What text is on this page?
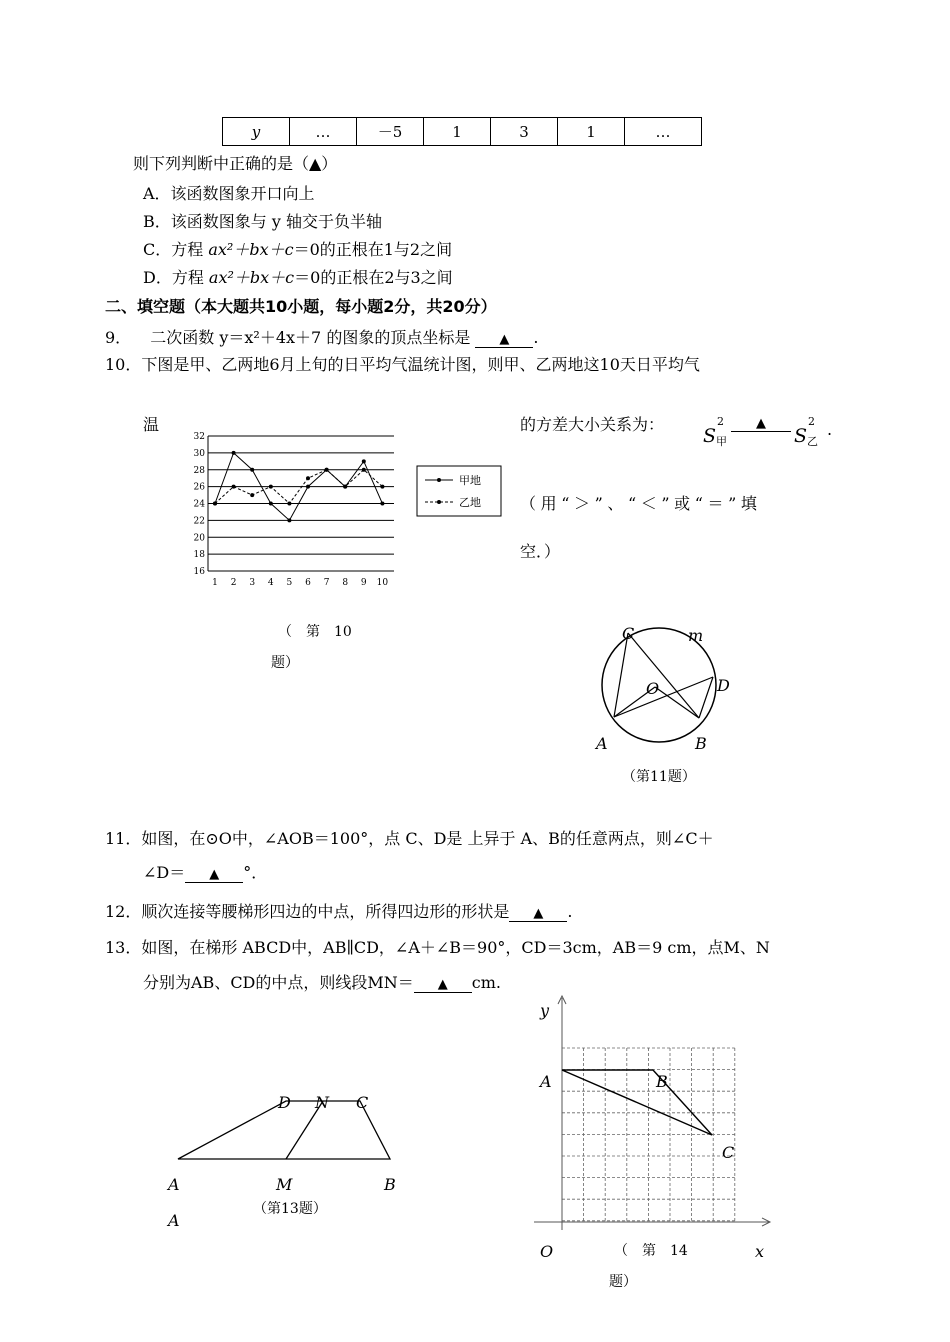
y	…	－5	1	3	1	…
则下列判断中正确的是（▲）
A．该函数图象开口向上
B．该函数图象与 y 轴交于负半轴
C．方程 ax²＋bx＋c＝0的正根在1与2之间
D．方程 ax²＋bx＋c＝0的正根在2与3之间
二、填空题（本大题共10小题，每小题2分，共20分）
9． 二次函数 y＝x²＋4x＋7 的图象的顶点坐标是 ▲ .
10．下图是甲、乙两地6月上旬的日平均气温统计图，则甲、乙两地这10天日平均气
温	的方差大小关系为：
S
2
甲
▲
S
2
乙
.
（用“＞”、“＜”或“＝”填
空．）
16
18
20
22
24
26
28
30
32
1 2 3 4 5 6 7 8 9 10
甲地
乙地
（　第　10
题）
C	m
O	D
A	B
（第11题）
11．如图，在⊙O中，∠AOB＝100°，点 C、D是 上异于 A、B的任意两点，则∠C＋
∠D＝ ▲ °．
12．顺次连接等腰梯形四边的中点，所得四边形的形状是 ▲ .
13．如图，在梯形 ABCD中，AB∥CD，∠A＋∠B＝90°，CD＝3cm，AB＝9 cm，点M、N
分别为AB、CD的中点，则线段MN＝ ▲ cm.
D N C
A	M	B
A
（第13题）
y
A	B
C
O	x
（　第　14
题）
